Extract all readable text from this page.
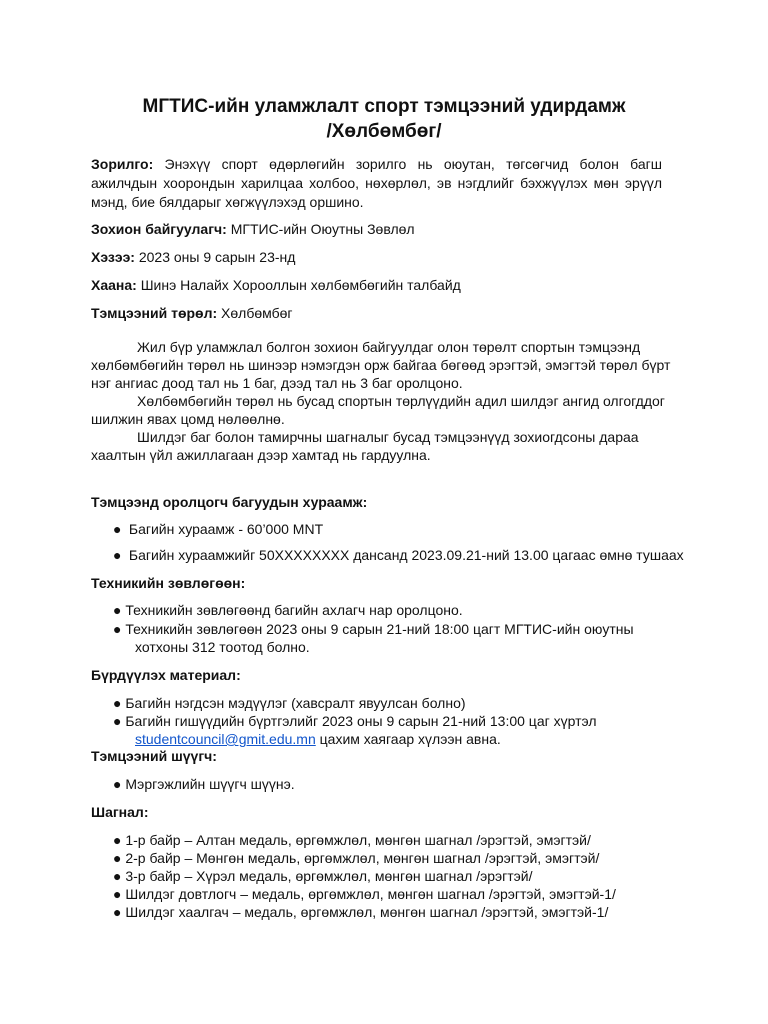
МГТИС-ийн уламжлалт спорт тэмцээний удирдамж
/Хөлбөмбөг/

Зорилго: Энэхүү спорт өдөрлөгийн зорилго нь оюутан, төгсөгчид болон багш ажилчдын хоорондын харилцаа холбоо, нөхөрлөл, эв нэгдлийг бэхжүүлэх мөн эрүүл мэнд, бие бялдарыг хөгжүүлэхэд оршино.

Зохион байгуулагч: МГТИС-ийн Оюутны Зөвлөл

Хэзээ: 2023 оны 9 сарын 23-нд

Хаана: Шинэ Налайх Хорооллын хөлбөмбөгийн талбайд

Тэмцээний төрөл: Хөлбөмбөг

Жил бүр уламжлал болгон зохион байгуулдаг олон төрөлт спортын тэмцээнд хөлбөмбөгийн төрөл нь шинээр нэмэгдэн орж байгаа бөгөөд эрэгтэй, эмэгтэй төрөл бүрт нэг ангиас доод тал нь 1 баг, дээд тал нь 3 баг оролцоно.

Хөлбөмбөгийн төрөл нь бусад спортын төрлүүдийн адил шилдэг ангид олгогддог шилжин явах цомд нөлөөлнө.

Шилдэг баг болон тамирчны шагналыг бусад тэмцээнүүд зохиогдсоны дараа хаалтын үйл ажиллагаан дээр хамтад нь гардуулна.

Тэмцээнд оролцогч багуудын хураамж:

● Багийн хураамж - 60’000 MNT

● Багийн хураамжийг 50XXXXXXXX дансанд 2023.09.21-ний 13.00 цагаас өмнө тушаах

Техникийн зөвлөгөөн:

● Техникийн зөвлөгөөнд багийн ахлагч нар оролцоно.

● Техникийн зөвлөгөөн 2023 оны 9 сарын 21-ний 18:00 цагт МГТИС-ийн оюутны

хотхоны 312 тоотод болно.

Бүрдүүлэх материал:

● Багийн нэгдсэн мэдүүлэг (хавсралт явуулсан болно)

● Багийн гишүүдийн бүртгэлийг 2023 оны 9 сарын 21-ний 13:00 цаг хүртэл

studentcouncil@gmit.edu.mn цахим хаягаар хүлээн авна.

Тэмцээний шүүгч:

● Мэргэжлийн шүүгч шүүнэ.

Шагнал:

● 1-р байр – Алтан медаль, өргөмжлөл, мөнгөн шагнал /эрэгтэй, эмэгтэй/

● 2-р байр – Мөнгөн медаль, өргөмжлөл, мөнгөн шагнал /эрэгтэй, эмэгтэй/

● 3-р байр – Хүрэл медаль, өргөмжлөл, мөнгөн шагнал /эрэгтэй/

● Шилдэг довтлогч – медаль, өргөмжлөл, мөнгөн шагнал /эрэгтэй, эмэгтэй-1/

● Шилдэг хаалгач – медаль, өргөмжлөл, мөнгөн шагнал /эрэгтэй, эмэгтэй-1/
